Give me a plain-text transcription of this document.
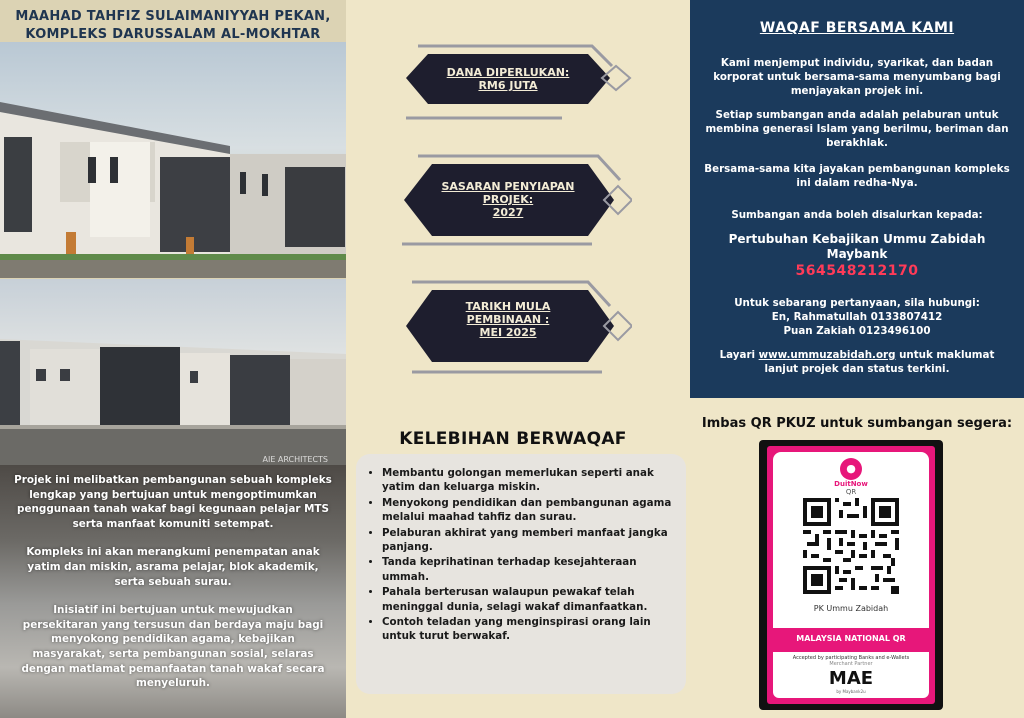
MAAHAD TAHFIZ SULAIMANIYYAH PEKAN,
KOMPLEKS DARUSSALAM AL-MOKHTAR

Projek ini melibatkan pembangunan sebuah kompleks lengkap yang bertujuan untuk mengoptimumkan penggunaan tanah wakaf bagi kegunaan pelajar MTS serta manfaat komuniti setempat.

Kompleks ini akan merangkumi penempatan anak yatim dan miskin, asrama pelajar, blok akademik, serta sebuah surau.

Inisiatif ini bertujuan untuk mewujudkan persekitaran yang tersusun dan berdaya maju bagi menyokong pendidikan agama, kebajikan masyarakat, serta pembangunan sosial, selaras dengan matlamat pemanfaatan tanah wakaf secara menyeluruh.

AIE ARCHITECTS
DANA DIPERLUKAN:
RM6 JUTA
SASARAN PENYIAPAN
PROJEK:
2027
TARIKH MULA
PEMBINAAN :
MEI 2025
KELEBIHAN BERWAQAF
• Membantu golongan memerlukan seperti anak yatim dan keluarga miskin.
• Menyokong pendidikan dan pembangunan agama melalui maahad tahfiz dan surau.
• Pelaburan akhirat yang memberi manfaat jangka panjang.
• Tanda keprihatinan terhadap kesejahteraan ummah.
• Pahala berterusan walaupun pewakaf telah meninggal dunia, selagi wakaf dimanfaatkan.
• Contoh teladan yang menginspirasi orang lain untuk turut berwakaf.
WAQAF BERSAMA KAMI
Kami menjemput individu, syarikat, dan badan korporat untuk bersama-sama menyumbang bagi menjayakan projek ini.
Setiap sumbangan anda adalah pelaburan untuk membina generasi Islam yang berilmu, beriman dan berakhlak.
Bersama-sama kita jayakan pembangunan kompleks ini dalam redha-Nya.
Sumbangan anda boleh disalurkan kepada:
Pertubuhan Kebajikan Ummu Zabidah
Maybank
564548212170
Untuk sebarang pertanyaan, sila hubungi:
En, Rahmatullah 0133807412
Puan Zakiah 0123496100
Layari www.ummuzabidah.org untuk maklumat lanjut projek dan status terkini.
Imbas QR PKUZ untuk sumbangan segera:
●
DuitNow
QR
PK Ummu Zabidah
MALAYSIA NATIONAL QR
Accepted by participating Banks and e-Wallets
Merchant Partner
MAE
by Maybank2u
